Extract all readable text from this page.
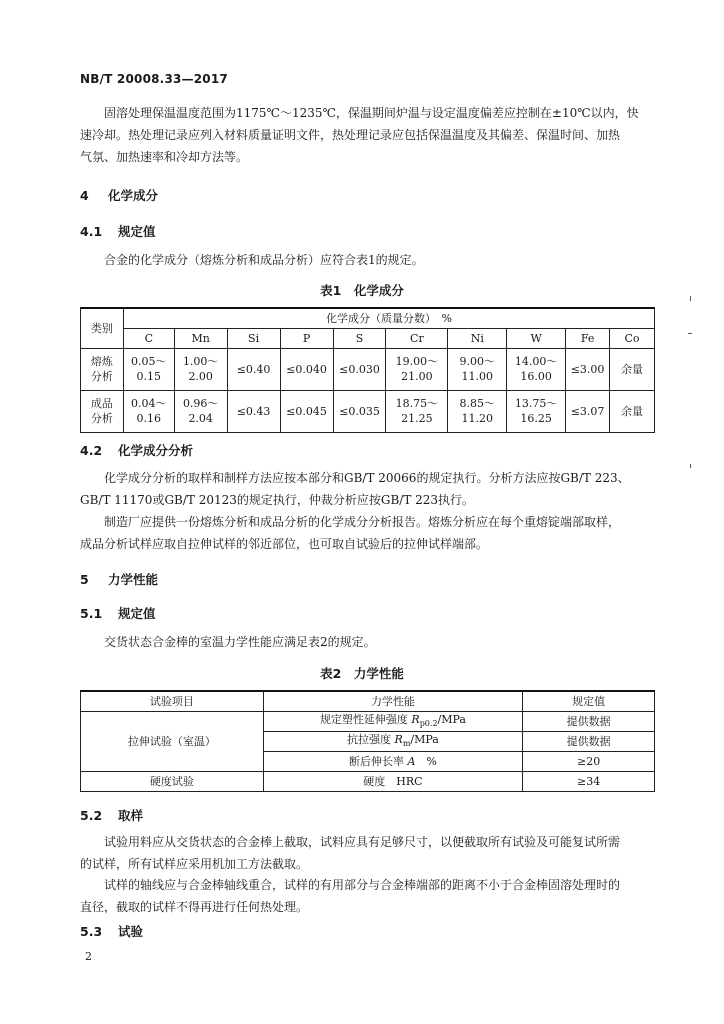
NB/T 20008.33—2017
固溶处理保温温度范围为1175℃～1235℃，保温期间炉温与设定温度偏差应控制在±10℃以内，快
速冷却。热处理记录应列入材料质量证明文件，热处理记录应包括保温温度及其偏差、保温时间、加热
气氛、加热速率和冷却方法等。
4 化学成分
4.1 规定值
合金的化学成分（熔炼分析和成品分析）应符合表1的规定。
表1　化学成分
类别	化学成分（质量分数）　%									
	C	Mn	Si	P	S	Cr	Ni	W	Fe	Co
熔炼
分析	0.05～
0.15	1.00～
2.00	≤0.40	≤0.040	≤0.030	19.00～
21.00	9.00～
11.00	14.00～
16.00	≤3.00	余量
成品
分析	0.04～
0.16	0.96～
2.04	≤0.43	≤0.045	≤0.035	18.75～
21.25	8.85～
11.20	13.75～
16.25	≤3.07	余量
4.2 化学成分分析
化学成分分析的取样和制样方法应按本部分和GB/T 20066的规定执行。分析方法应按GB/T 223、
GB/T 11170或GB/T 20123的规定执行，仲裁分析应按GB/T 223执行。
制造厂应提供一份熔炼分析和成品分析的化学成分分析报告。熔炼分析应在每个重熔锭端部取样，
成品分析试样应取自拉伸试样的邻近部位，也可取自试验后的拉伸试样端部。
5 力学性能
5.1 规定值
交货状态合金棒的室温力学性能应满足表2的规定。
表2　力学性能
试验项目	力学性能	规定值
拉伸试验（室温）	规定塑性延伸强度 $R_{p0.2}$/MPa	提供数据
	抗拉强度 $R_m$/MPa	提供数据
	断后伸长率 A　%	≥20
硬度试验	硬度　HRC	≥34
5.2 取样
试验用料应从交货状态的合金棒上截取，试料应具有足够尺寸，以便截取所有试验及可能复试所需
的试样，所有试样应采用机加工方法截取。
试样的轴线应与合金棒轴线重合，试样的有用部分与合金棒端部的距离不小于合金棒固溶处理时的
直径，截取的试样不得再进行任何热处理。
5.3 试验
2
